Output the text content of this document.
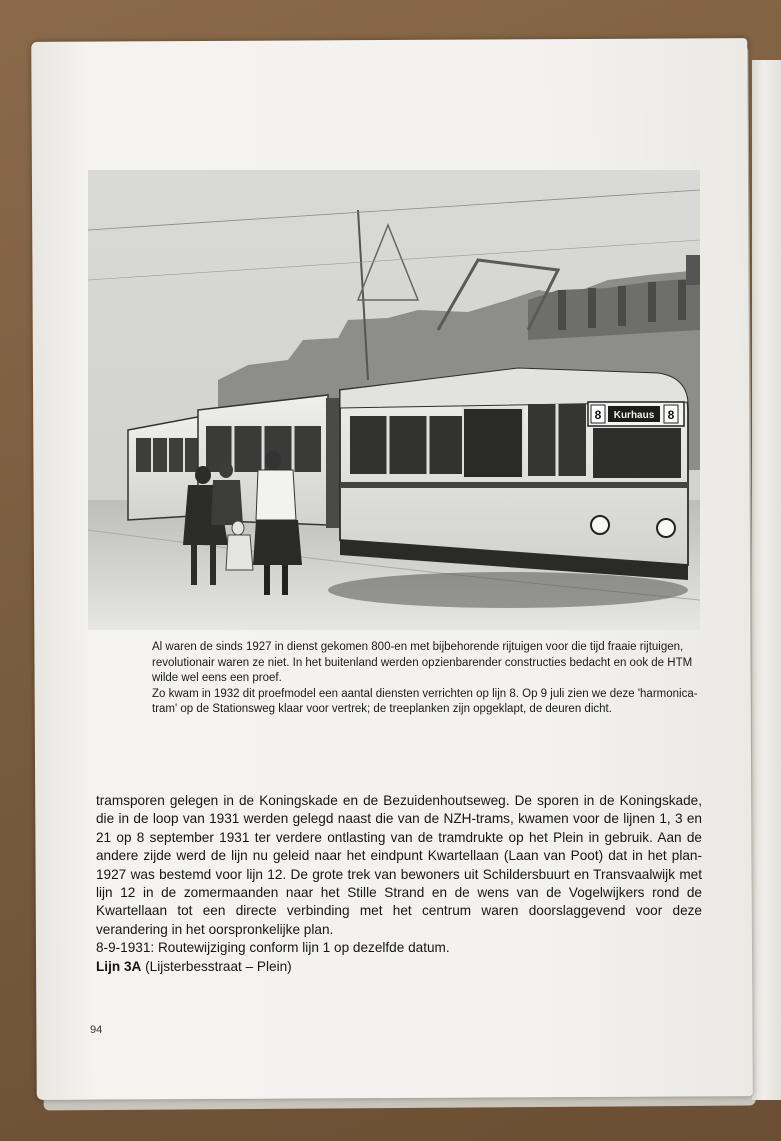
8 Kurhaus 8

Al waren de sinds 1927 in dienst gekomen 800-en met bijbehorende rijtuigen voor die tijd fraaie rijtuigen, revolutionair waren ze niet. In het buitenland werden opzienbarender constructies bedacht en ook de HTM wilde wel eens een proef.

Zo kwam in 1932 dit proefmodel een aantal diensten verrichten op lijn 8. Op 9 juli zien we deze 'harmonica-tram' op de Stationsweg klaar voor vertrek; de treeplanken zijn opgeklapt, de deuren dicht.

tramsporen gelegen in de Koningskade en de Bezuidenhoutseweg. De sporen in de Koningskade, die in de loop van 1931 werden gelegd naast die van de NZH-trams, kwamen voor de lijnen 1, 3 en 21 op 8 september 1931 ter verdere ontlasting van de tramdrukte op het Plein in gebruik. Aan de andere zijde werd de lijn nu geleid naar het eindpunt Kwartellaan (Laan van Poot) dat in het plan-1927 was bestemd voor lijn 12. De grote trek van bewoners uit Schildersbuurt en Transvaalwijk met lijn 12 in de zomermaanden naar het Stille Strand en de wens van de Vogelwijkers rond de Kwartellaan tot een directe verbinding met het centrum waren doorslaggevend voor deze verandering in het oorspronkelijke plan.

8-9-1931: Routewijziging conform lijn 1 op dezelfde datum.

Lijn 3A (Lijsterbesstraat – Plein)

94
